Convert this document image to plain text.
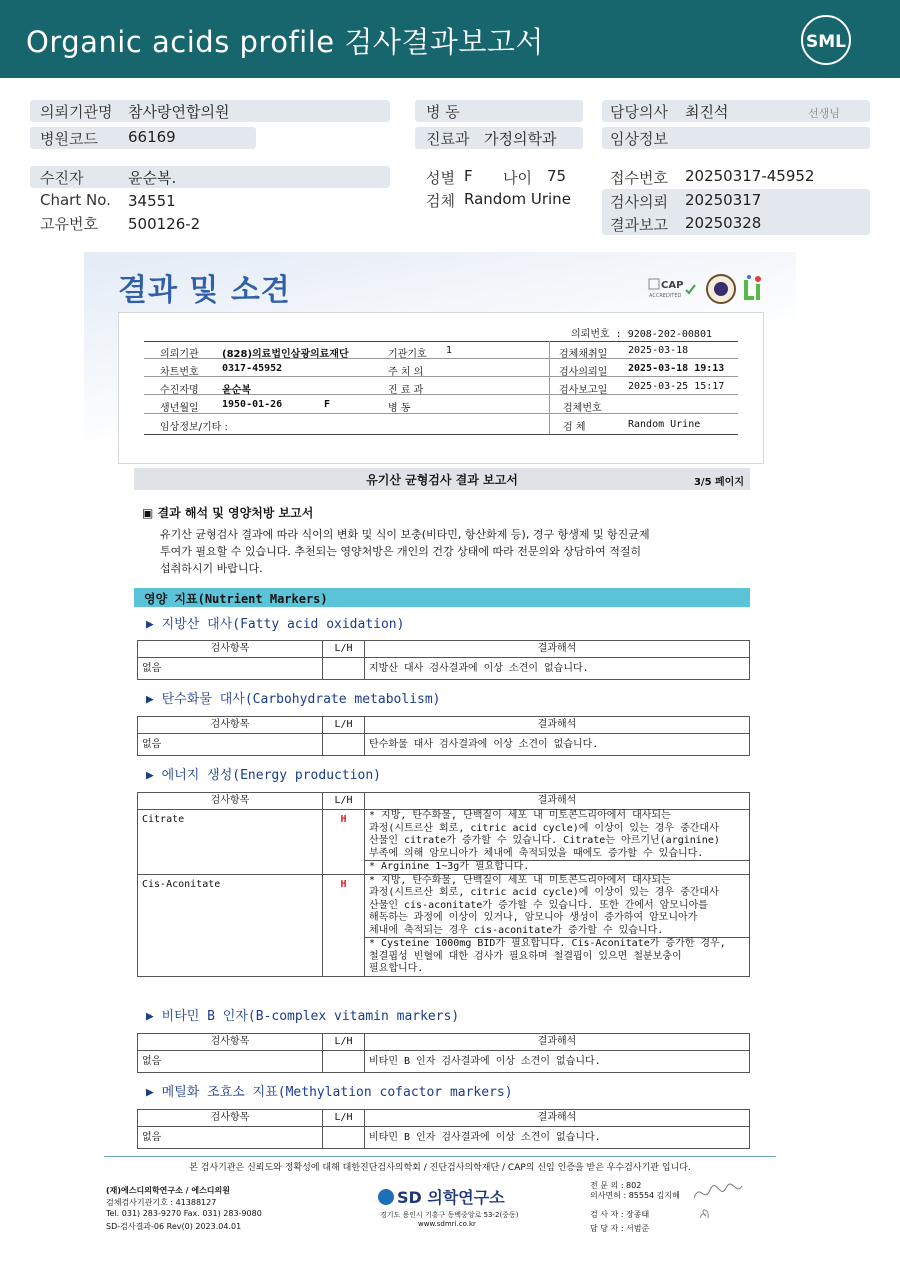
Organic acids profile 검사결과보고서	SML
의뢰기관명 참사랑연합의원
병원코드 66169
병 동
진료과 가정의학과
담당의사 최진석	선생님
임상정보
수진자	윤순복.
Chart No. 34551
고유번호 500126-2
성별 F 나이 75
검체 Random Urine
접수번호 20250317-45952
검사의뢰 20250317
결과보고 20250328
결과 및 소견	CAP
ACCREDITED
의뢰번호 : 9208-202-00801
의뢰기관 (828)의료법인삼광의료재단	기관기호 1	검체채취일 2025-03-18
차트번호 0317-45952	주 치 의	검사의뢰일 2025-03-18 19:13
수진자명 윤순복	진 료 과	검사보고일 2025-03-25 15:17
생년월일 1950-01-26	F	병 동	검체번호
임상정보/기타 :	검 체	Random Urine
유기산 균형검사 결과 보고서	3/5 페이지
▣ 결과 해석 및 영양처방 보고서
유기산 균형검사 결과에 따라 식이의 변화 및 식이 보충(비타민, 항산화제 등), 경구 항생제 및 항진균제
투여가 필요할 수 있습니다. 추천되는 영양처방은 개인의 건강 상태에 따라 전문의와 상담하여 적절히
섭취하시기 바랍니다.
영양 지표(Nutrient Markers)
▶ 지방산 대사(Fatty acid oxidation)
검사항목	L/H	결과해석
없음		지방산 대사 검사결과에 이상 소견이 없습니다.
▶ 탄수화물 대사(Carbohydrate metabolism)
검사항목	L/H	결과해석
없음		탄수화물 대사 검사결과에 이상 소견이 없습니다.
▶ 에너지 생성(Energy production)
검사항목	L/H	결과해석
Citrate	H	* 지방, 탄수화물, 단백질이 세포 내 미토콘드리아에서 대사되는
과정(시트르산 회로, citric acid cycle)에 이상이 있는 경우 중간대사
산물인 citrate가 증가할 수 있습니다. Citrate는 아르기닌(arginine)
부족에 의해 암모니아가 체내에 축적되었을 때에도 증가할 수 있습니다.

		* Arginine 1~3g가 필요합니다.

Cis-Aconitate	H	* 지방, 탄수화물, 단백질이 세포 내 미토콘드리아에서 대사되는
과정(시트르산 회로, citric acid cycle)에 이상이 있는 경우 중간대사
산물인 cis-aconitate가 증가할 수 있습니다. 또한 간에서 암모니아를
해독하는 과정에 이상이 있거나, 암모니아 생성이 증가하여 암모니아가
체내에 축적되는 경우 cis-aconitate가 증가할 수 있습니다.

		* Cysteine 1000mg BID가 필요합니다. Cis-Aconitate가 증가한 경우,
철결핍성 빈혈에 대한 검사가 필요하며 철결핍이 있으면 철분보충이
필요합니다.
▶ 비타민 B 인자(B-complex vitamin markers)
검사항목	L/H	결과해석
없음		비타민 B 인자 검사결과에 이상 소견이 없습니다.
▶ 메틸화 조효소 지표(Methylation cofactor markers)
검사항목	L/H	결과해석
없음		비타민 B 인자 검사결과에 이상 소견이 없습니다.
본 검사기관은 신뢰도와 정확성에 대해 대한진단검사의학회 / 진단검사의학재단 / CAP의 신임 인증을 받은 우수검사기관 입니다.
(재)에스디의학연구소 / 에스디의원
검체검사기관기호 : 41388127
Tel. 031) 283-9270 Fax. 031) 283-9080
SD-검사결과-06 Rev(0) 2023.04.01
SD 의학연구소
경기도 용인시 기흥구 동백중앙로 53-2(중동)
www.sdmri.co.kr
전 문 의 : 802
의사면허 : 85554 김지혜
검 사 자 : 장종태
담 당 자 : 서범준
